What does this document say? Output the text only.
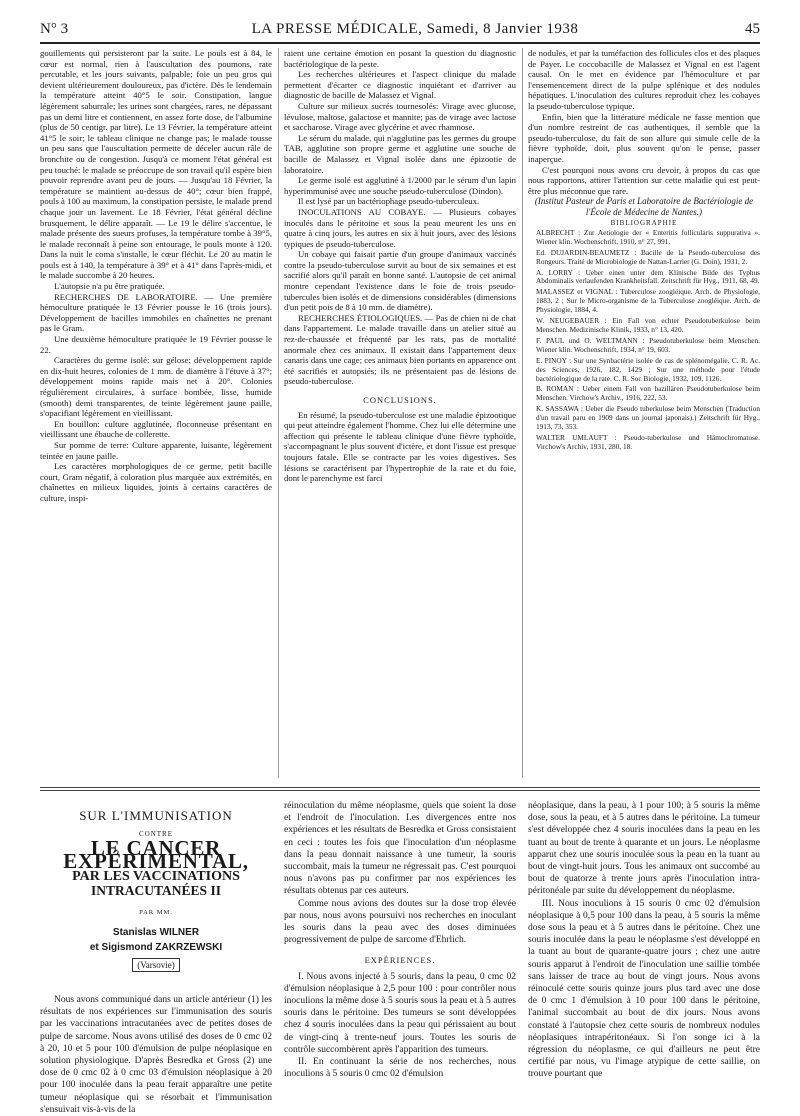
N° 3	LA PRESSE MÉDICALE, Samedi, 8 Janvier 1938	45

gouillements qui persisteront par la suite. Le pouls est à 84, le cœur est normal, rien à l'auscultation des poumons, rate percutable, et les jours suivants, palpable; foie un peu gros qui devient ultérieurement douloureux, pas d'ictère. Dès le lendemain la température atteint 40°5 le soir. Constipation, langue légèrement saburrale; les urines sont chargées, rares, ne dépassant pas un demi litre et contiennent, en assez forte dose, de l'albumine (plus de 50 centigr. par litre). Le 13 Février, la température atteint 41°5 le soir; le tableau clinique ne change pas; le malade tousse un peu sans que l'auscultation permette de déceler aucun râle de bronchite ou de congestion. Jusqu'à ce moment l'état général est peu touché: le malade se préoccupe de son travail qu'il espère bien pouvoir reprendre avant peu de jours. — Jusqu'au 18 Février, la température se maintient au-dessus de 40°; cœur bien frappé, pouls à 100 au maximum, la constipation persiste, le malade prend chaque jour un lavement. Le 18 Février, l'état général décline brusquement, le délire apparaît. — Le 19 le délire s'accentue, le malade présente des sueurs profuses, la température tombe à 39°5, le malade reconnaît à peine son entourage, le pouls monte à 120. Dans la nuit le coma s'installe, le cœur fléchit. Le 20 au matin le pouls est à 140, la température à 39° et à 41° dans l'après-midi, et le malade succombe à 20 heures.

L'autopsie n'a pu être pratiquée.

RECHERCHES DE LABORATOIRE. — Une première hémoculture pratiquée le 13 Février pousse le 16 (trois jours). Développement de bacilles immobiles en chaînettes ne prenant pas le Gram.

Une deuxième hémoculture pratiquée le 19 Février pousse le 22.

Caractères du germe isolé: sur gélose: développement rapide en dix-huit heures, colonies de 1 mm. de diamètre à l'étuve à 37°; développement moins rapide mais net à 20°. Colonies régulièrement circulaires, à surface bombée, lisse, humide (smooth) demi transparentes, de teinte légèrement jaune paille, s'opacifiant légèrement en vieillissant.

En bouillon: culture agglutinée, floconneuse présentant en vieillissant une ébauche de collerette.

Sur pomme de terre: Culture apparente, luisante, légèrement teintée en jaune paille.

Les caractères morphologiques de ce germe, petit bacille court, Gram négatif, à coloration plus marquée aux extrémités, en chaînettes en milieux liquides, joints à certains caractères de culture, inspi-

raient une certaine émotion en posant la question du diagnostic bactériologique de la peste.

Les recherches ultérieures et l'aspect clinique du malade permettent d'écarter ce diagnostic inquiétant et d'arriver au diagnostic de bacille de Malassez et Vignal.

Culture sur milieux sucrés tournesolés: Virage avec glucose, lévulose, maltose, galactose et mannite; pas de virage avec lactose et saccharose. Virage avec glycérine et avec rhamnose.

Le sérum du malade, qui n'agglutine pas les germes du groupe TAB, agglutine son propre germe et agglutine une souche de bacille de Malassez et Vignal isolée dans une épizootie de laboratoire.

Le germe isolé est agglutiné à 1/2000 par le sérum d'un lapin hyperimmunisé avec une souche pseudo-tuberculose (Dindon).

Il est lysé par un bactériophage pseudo-tuberculeux.

INOCULATIONS AU COBAYE. — Plusieurs cobayes inoculés dans le péritoine et sous la peau meurent les uns en quatre à cinq jours, les autres en six à huit jours, avec des lésions typiques de pseudo-tuberculose.

Un cobaye qui faisait partie d'un groupe d'animaux vaccinés contre la pseudo-tuberculose survit au bout de six semaines et est sacrifié alors qu'il paraît en bonne santé. L'autopsie de cet animal montre cependant l'existence dans le foie de trois pseudo-tubercules bien isolés et de dimensions considérables (dimensions d'un petit pois de 8 à 10 mm. de diamètre).

RECHERCHES ÉTIOLOGIQUES. — Pas de chien ni de chat dans l'appartement. Le malade travaille dans un atelier situé au rez-de-chaussée et fréquenté par les rats, pas de mortalité anormale chez ces animaux. Il existait dans l'appartement deux canaris dans une cage; ces animaux bien portants en apparence ont été sacrifiés et autopsiés; ils ne présentaient pas de lésions de pseudo-tuberculose.

CONCLUSIONS.

En résumé, la pseudo-tuberculose est une maladie épizootique qui peut atteindre également l'homme. Chez lui elle détermine une affection qui présente le tableau clinique d'une fièvre typhoïde, s'accompagnant le plus souvent d'ictère, et dont l'issue est presque toujours fatale. Elle se contracte par les voies digestives. Ses lésions se caractérisent par l'hypertrophie de la rate et du foie, dont le parenchyme est farci

de nodules, et par la tuméfaction des follicules clos et des plaques de Payer. Le coccobacille de Malassez et Vignal en est l'agent causal. On le met en évidence par l'hémoculture et par l'ensemencement direct de la pulpe splénique et des nodules hépatiques. L'inoculation des cultures reproduit chez les cobayes la pseudo-tuberculose typique.

Enfin, bien que la littérature médicale ne fasse mention que d'un nombre restreint de cas authentiques, il semble que la pseudo-tuberculose, du fait de son allure qui simule celle de la fièvre typhoïde, doit, plus souvent qu'on le pense, passer inaperçue.

C'est pourquoi nous avons cru devoir, à propos du cas que nous rapportons, attirer l'attention sur cette maladie qui est peut-être plus méconnue que rare.

(Institut Pasteur de Paris et Laboratoire de Bactériologie de l'École de Médecine de Nantes.)

BIBLIOGRAPHIE

ALBRECHT : Zur Aetiologie der « Enteritis follicularis suppurativa ». Wiener klin. Wochenschrift, 1910, n° 27, 991.

Ed. DUJARDIN-BEAUMETZ : Bacille de la Pseudo-tuberculose des Rongeurs. Traité de Microbiologie de Nattan-Larrier (G. Doin), 1931, 2.

A. LORRY : Ueber einen unter dem Klinische Bilde des Typhus Abdominalis verlaufenden Krankheitsfall. Zeitschrift für Hyg., 1911, 68, 49.

MALASSEZ et VIGNAL : Tuberculose zoogléique. Arch. de Physiologie, 1883, 2 ; Sur le Micro-organisme de la Tuberculose zoogléique. Arch. de Physiologie, 1884, 4.

W. NEUGEBAUER : Ein Fall von echter Pseudotuberkulose beim Menschen. Medizinische Klinik, 1933, n° 13, 420.

F. PAUL und O. WELTMANN : Pseudotuberkulose beim Menschen. Wiener klin. Wochenschrift, 1934, n° 19, 603.

E. PINOY : Sur une Synbactérie isolée de cas de splénomégalie. C. R. Ac. des Sciences, 1926, 182, 1429 ; Sur une méthode pour l'étude bactériologique de la rate. C. R. Soc Biologie, 1932, 109, 1126.

B. ROMAN : Ueber einem Fall von bazillären Pseudotuberkulose beim Menschen. Virchow's Archiv., 1916, 222, 53.

K. SASSAWA : Ueber die Pseudo tuberkulose beim Menschen (Traduction d'un travail paru en 1909 dans un journal japonais).) Zeitschrift für Hyg., 1913, 73, 353.

WALTER UMLAUFT : Pseudo-tuberkulose und Hämochromatose. Virchow's Archiv, 1931, 280, 18.

SUR L'IMMUNISATION
CONTRE
LE CANCER EXPÉRIMENTAL,
PAR LES VACCINATIONS
INTRACUTANÉES II
PAR MM.
Stanislas WILNER
et Sigismond ZAKRZEWSKI
(Varsovie)

Nous avons communiqué dans un article antérieur (1) les résultats de nos expériences sur l'immunisation des souris par les vaccinations intracutanées avec de petites doses de pulpe de sarcome. Nous avons utilisé des doses de 0 cmc 02 à 20, 10 et 5 pour 100 d'émulsion de pulpe néoplasique en solution physiologique. D'après Besredka et Gross (2) une dose de 0 cmc 02 à 0 cmc 03 d'émulsion néoplasique à 20 pour 100 inoculée dans la peau ferait apparaître une petite tumeur néoplasique qui se résorbait et l'immunisation s'ensuivait vis-à-vis de la

réinoculation du même néoplasme, quels que soient la dose et l'endroit de l'inoculation. Les divergences entre nos expériences et les résultats de Besredka et Gross consistaient en ceci : toutes les fois que l'inoculation d'un néoplasme dans la peau donnait naissance à une tumeur, la souris succombait, mais la tumeur ne régressait pas. C'est pourquoi nous n'avons pas pu confirmer par nos expériences les résultats obtenus par ces auteurs.

Comme nous avions des doutes sur la dose trop élevée par nous, nous avons poursuivi nos recherches en inoculant les souris dans la peau avec des doses diminuées progressivement de pulpe de sarcome d'Ehrlich.

EXPÉRIENCES.

I. Nous avons injecté à 5 souris, dans la peau, 0 cmc 02 d'émulsion néoplasique à 2,5 pour 100 : pour contrôler nous inoculions la même dose à 5 souris sous la peau et à 5 autres souris dans le péritoine. Des tumeurs se sont développées chez 4 souris inoculées dans la peau qui périssaient au bout de vingt-cinq à trente-neuf jours. Toutes les souris de contrôle succombèrent après l'apparition des tumeurs.

II. En continuant la série de nos recherches, nous inoculions à 5 souris 0 cmc 02 d'émulsion

néoplasique, dans la peau, à 1 pour 100; à 5 souris la même dose, sous la peau, et à 5 autres dans le péritoine. La tumeur s'est développée chez 4 souris inoculées dans la peau en les tuant au bout de trente à quarante et un jours. Le néoplasme apparut chez une souris inoculée sous la peau en la tuant au bout de vingt-huit jours. Tous les animaux ont succombé au bout de quatorze à trente jours après l'inoculation intra-péritonéale par suite du développement du néoplasme.

III. Nous inoculions à 15 souris 0 cmc 02 d'émulsion néoplasique à 0,5 pour 100 dans la peau, à 5 souris la même dose sous la peau et à 5 autres dans le péritoine. Chez une souris inoculée dans la peau le néoplasme s'est développé en la tuant au bout de quarante-quatre jours ; chez une autre souris apparut à l'endroit de l'inoculation une saillie tombée sans laisser de trace au bout de vingt jours. Nous avons réinoculé cette souris quinze jours plus tard avec une dose de 0 cmc 1 d'émulsion à 10 pour 100 dans le péritoine, l'animal succombait au bout de dix jours. Nous avons constaté à l'autopsie chez cette souris de nombreux nodules néoplasiques intrapéritonéaux. Si l'on songe ici à la régression du néoplasme, ce qui d'ailleurs ne peut être certifié par nous, vu l'image atypique de cette saillie, on trouve pourtant que
